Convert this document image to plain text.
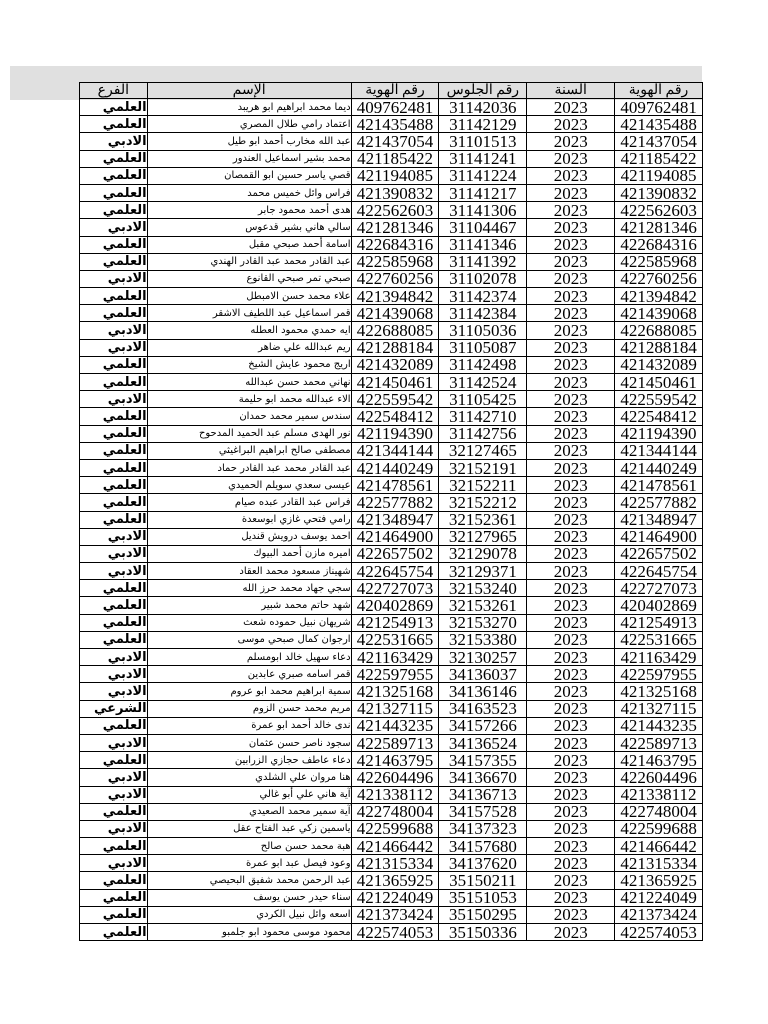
الفرع	الإسم	رقم الهوية	رقم الجلوس	السنة	رقم الهوية
العلمي	ديما محمد ابراهيم ابو هريبد	409762481	31142036	2023	409762481
العلمي	اعتماد رامي طلال المصري	421435488	31142129	2023	421435488
الادبي	عبد الله مخارب أحمد ابو طيل	421437054	31101513	2023	421437054
العلمي	محمد بشير اسماعيل العندور	421185422	31141241	2023	421185422
العلمي	قصي ياسر حسين ابو القمصان	421194085	31141224	2023	421194085
العلمي	فراس وائل خميس محمد	421390832	31141217	2023	421390832
العلمي	هدى أحمد محمود جابر	422562603	31141306	2023	422562603
الادبي	سالي هاني بشير قدعوس	421281346	31104467	2023	421281346
العلمي	اسامة أحمد صبحي مقبل	422684316	31141346	2023	422684316
العلمي	عبد القادر محمد عبد القادر الهندي	422585968	31141392	2023	422585968
الادبي	صبحي تمر صبحي القانوع	422760256	31102078	2023	422760256
العلمي	علاء محمد حسن الامبطل	421394842	31142374	2023	421394842
العلمي	قمر اسماعيل عبد اللطيف الاشقر	421439068	31142384	2023	421439068
الادبي	ايه حمدي محمود العطله	422688085	31105036	2023	422688085
الادبي	ريم عبدالله علي ضاهر	421288184	31105087	2023	421288184
العلمي	اريج محمود عايش الشيخ	421432089	31142498	2023	421432089
العلمي	نهاني محمد حسن عبدالله	421450461	31142524	2023	421450461
الادبي	الاء عبدالله محمد ابو حليمة	422559542	31105425	2023	422559542
العلمي	سندس سمير محمد حمدان	422548412	31142710	2023	422548412
العلمي	نور الهدى مسلم عبد الحميد المدحوح	421194390	31142756	2023	421194390
العلمي	مصطفى صالح ابراهيم البراغيثي	421344144	32127465	2023	421344144
العلمي	عبد القادر محمد عبد القادر حماد	421440249	32152191	2023	421440249
العلمي	عيسى سعدي سويلم الحميدي	421478561	32152211	2023	421478561
العلمي	فراس عبد القادر عبده صيام	422577882	32152212	2023	422577882
العلمي	رامي فتحي غازي ابوسعدة	421348947	32152361	2023	421348947
الادبي	احمد يوسف درويش قنديل	421464900	32127965	2023	421464900
الادبي	اميره مازن أحمد البيوك	422657502	32129078	2023	422657502
الادبي	شهيناز مسعود محمد العقاد	422645754	32129371	2023	422645754
العلمي	سجي جهاد محمد حرز الله	422727073	32153240	2023	422727073
العلمي	شهد حاتم محمد شبير	420402869	32153261	2023	420402869
العلمي	شريهان نبيل حموده شعث	421254913	32153270	2023	421254913
العلمي	ارجوان كمال صبحي موسى	422531665	32153380	2023	422531665
الادبي	دعاء سهيل خالد ابومسلم	421163429	32130257	2023	421163429
الادبي	قمر اسامه صبري عابدين	422597955	34136037	2023	422597955
الادبي	سمية ابراهيم محمد ابو عروم	421325168	34136146	2023	421325168
الشرعي	مريم محمد حسن الزوم	421327115	34163523	2023	421327115
العلمي	ندى خالد أحمد ابو عمرة	421443235	34157266	2023	421443235
الادبي	سجود ناصر حسن عثمان	422589713	34136524	2023	422589713
العلمي	دعاء عاطف حجازي الزرابين	421463795	34157355	2023	421463795
الادبي	هنا مروان علي الشلدي	422604496	34136670	2023	422604496
الادبي	آية هاني علي أبو غالي	421338112	34136713	2023	421338112
العلمي	آية سمير محمد الصعيدي	422748004	34157528	2023	422748004
الادبي	ياسمين زكي عبد الفتاح عقل	422599688	34137323	2023	422599688
العلمي	هبة محمد حسن صالح	421466442	34157680	2023	421466442
الادبي	وعود فيصل عبد ابو عمرة	421315334	34137620	2023	421315334
العلمي	عبد الرحمن محمد شفيق البحيصي	421365925	35150211	2023	421365925
العلمي	سناء حيدر حسن يوسف	421224049	35151053	2023	421224049
العلمي	اسعه وائل نبيل الكردي	421373424	35150295	2023	421373424
العلمي	محمود موسى محمود ابو جلمبو	422574053	35150336	2023	422574053
